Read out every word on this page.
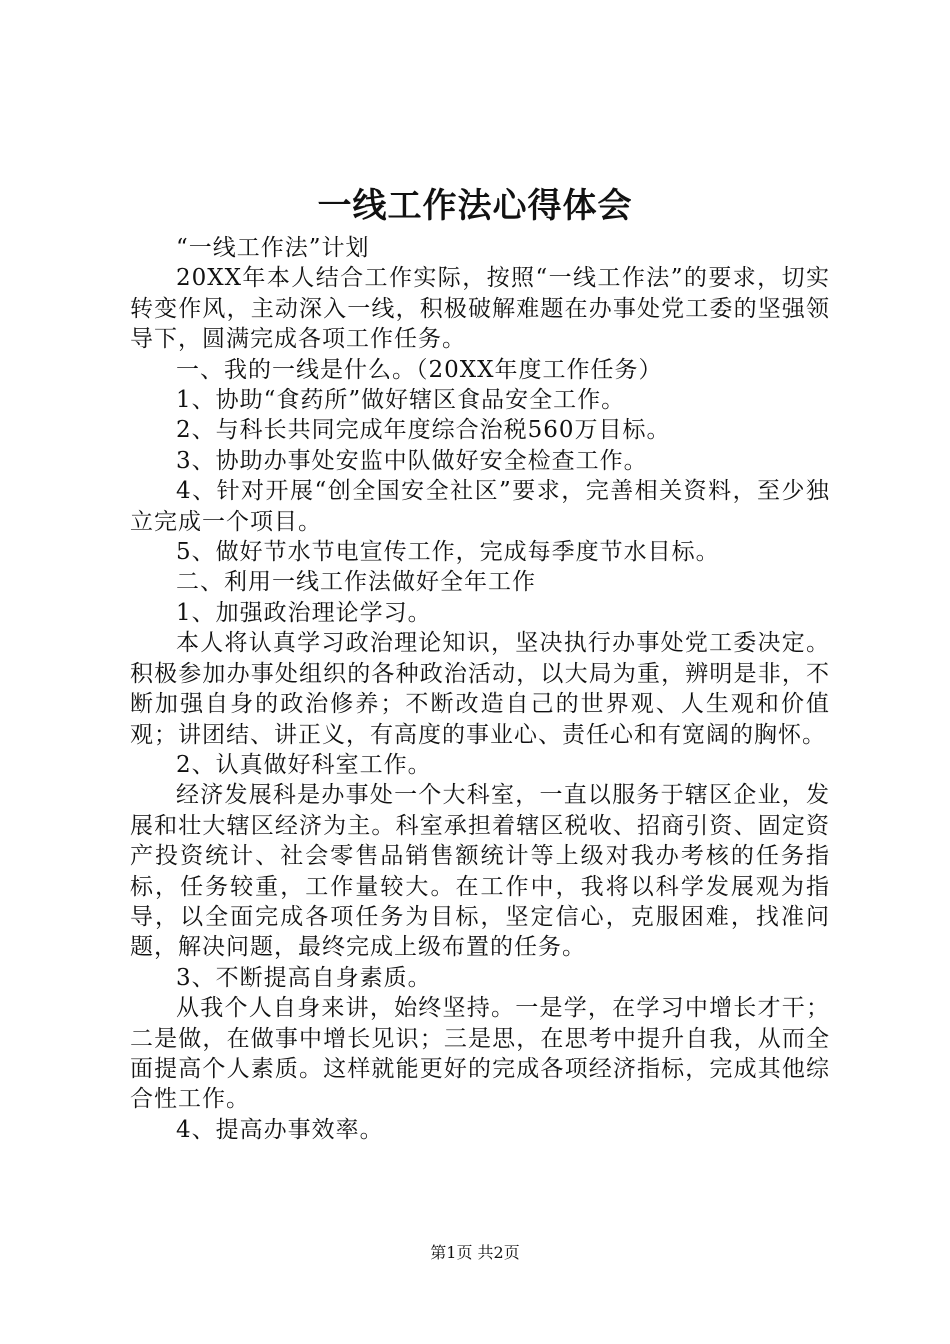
一线工作法心得体会

“一线工作法”计划

20XX年本人结合工作实际，按照“一线工作法”的要求，切实转变作风，主动深入一线，积极破解难题在办事处党工委的坚强领导下，圆满完成各项工作任务。

一、我的一线是什么。（20XX年度工作任务）

1、协助“食药所”做好辖区食品安全工作。

2、与科长共同完成年度综合治税560万目标。

3、协助办事处安监中队做好安全检查工作。

4、针对开展“创全国安全社区”要求，完善相关资料，至少独立完成一个项目。

5、做好节水节电宣传工作，完成每季度节水目标。

二、利用一线工作法做好全年工作

1、加强政治理论学习。

本人将认真学习政治理论知识，坚决执行办事处党工委决定。积极参加办事处组织的各种政治活动，以大局为重，辨明是非，不断加强自身的政治修养；不断改造自己的世界观、人生观和价值观；讲团结、讲正义，有高度的事业心、责任心和有宽阔的胸怀。

2、认真做好科室工作。

经济发展科是办事处一个大科室，一直以服务于辖区企业，发展和壮大辖区经济为主。科室承担着辖区税收、招商引资、固定资产投资统计、社会零售品销售额统计等上级对我办考核的任务指标，任务较重，工作量较大。在工作中，我将以科学发展观为指导，以全面完成各项任务为目标，坚定信心，克服困难，找准问题，解决问题，最终完成上级布置的任务。

3、不断提高自身素质。

从我个人自身来讲，始终坚持。一是学，在学习中增长才干；二是做，在做事中增长见识；三是思，在思考中提升自我，从而全面提高个人素质。这样就能更好的完成各项经济指标，完成其他综合性工作。

4、提高办事效率。

第1页 共2页
